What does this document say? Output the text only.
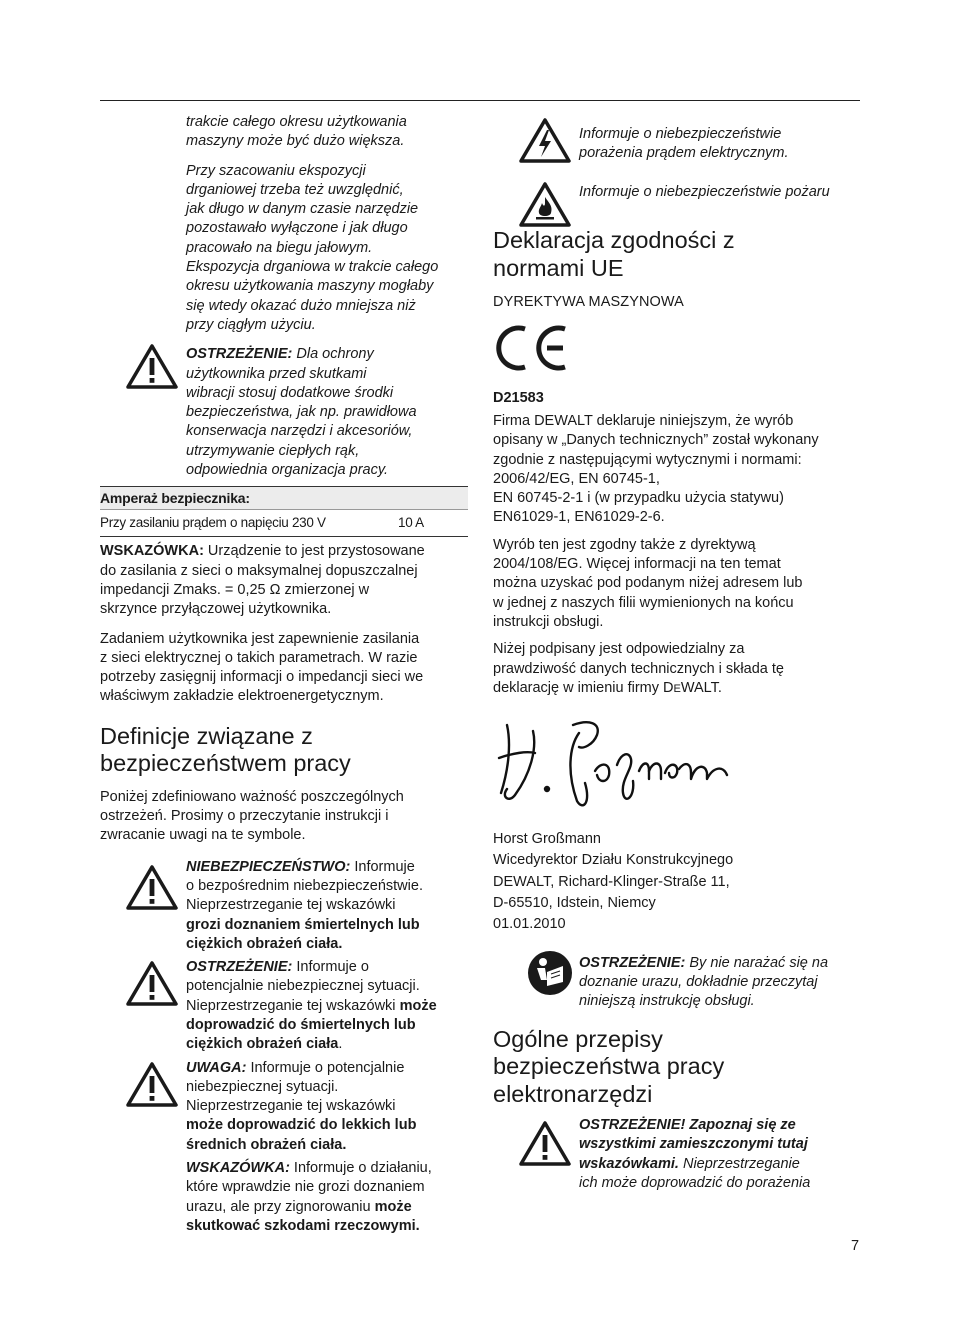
trakcie całego okresu użytkowania
maszyny może być dużo większa.
Przy szacowaniu ekspozycji
drganiowej trzeba też uwzględnić,
jak długo w danym czasie narzędzie
pozostawało wyłączone i jak długo
pracowało na biegu jałowym.
Ekspozycja drganiowa w trakcie całego
okresu użytkowania maszyny mogłaby
się wtedy okazać dużo mniejsza niż
przy ciągłym użyciu.
OSTRZEŻENIE: Dla ochrony
użytkownika przed skutkami
wibracji stosuj dodatkowe środki
bezpieczeństwa, jak np. prawidłowa
konserwacja narzędzi i akcesoriów,
utrzymywanie ciepłych rąk,
odpowiednia organizacja pracy.
Amperaż bezpiecznika:
Przy zasilaniu prądem o napięciu 230 V	10 A

WSKAZÓWKA: Urządzenie to jest przystosowane

do zasilania z sieci o maksymalnej dopuszczalnej

impedancji Zmaks. = 0,25 Ω zmierzonej w

skrzynce przyłączowej użytkownika.

Zadaniem użytkownika jest zapewnienie zasilania

z sieci elektrycznej o takich parametrach. W razie

potrzeby zasięgnij informacji o impedancji sieci we

właściwym zakładzie elektroenergetycznym.

Definicje związane z
bezpieczeństwem pracy

Poniżej zdefiniowano ważność poszczególnych

ostrzeżeń. Prosimy o przeczytanie instrukcji i

zwracanie uwagi na te symbole.

NIEBEZPIECZEŃSTWO: Informuje
o bezpośrednim niebezpieczeństwie.
Nieprzestrzeganie tej wskazówki
grozi doznaniem śmiertelnych lub
ciężkich obrażeń ciała.
OSTRZEŻENIE: Informuje o
potencjalnie niebezpiecznej sytuacji.
Nieprzestrzeganie tej wskazówki może
doprowadzić do śmiertelnych lub
ciężkich obrażeń ciała.
UWAGA: Informuje o potencjalnie
niebezpiecznej sytuacji.
Nieprzestrzeganie tej wskazówki
może doprowadzić do lekkich lub
średnich obrażeń ciała.
WSKAZÓWKA: Informuje o działaniu,
które wprawdzie nie grozi doznaniem
urazu, ale przy zignorowaniu może
skutkować szkodami rzeczowymi.
Informuje o niebezpieczeństwie
porażenia prądem elektrycznym.
Informuje o niebezpieczeństwie pożaru
Deklaracja zgodności z
normami UE
DYREKTYWA MASZYNOWA
D21583

Firma DEWALT deklaruje niniejszym, że wyrób

opisany w „Danych technicznych” został wykonany

zgodnie z następującymi wytycznymi i normami:

2006/42/EG, EN 60745-1,

EN 60745-2-1 i (w przypadku użycia statywu)

EN61029-1, EN61029-2-6.

Wyrób ten jest zgodny także z dyrektywą

2004/108/EG. Więcej informacji na ten temat

można uzyskać pod podanym niżej adresem lub

w jednej z naszych filii wymienionych na końcu

instrukcji obsługi.

Niżej podpisany jest odpowiedzialny za

prawdziwość danych technicznych i składa tę

deklarację w imieniu firmy DEWALT.

Horst Großmann
Wicedyrektor Działu Konstrukcyjnego
DEWALT, Richard-Klinger-Straße 11,
D-65510, Idstein, Niemcy
01.01.2010
OSTRZEŻENIE: By nie narażać się na
doznanie urazu, dokładnie przeczytaj
niniejszą instrukcję obsługi.
Ogólne przepisy
bezpieczeństwa pracy
elektronarzędzi
OSTRZEŻENIE! Zapoznaj się ze
wszystkimi zamieszczonymi tutaj
wskazówkami. Nieprzestrzeganie
ich może doprowadzić do porażenia
7
